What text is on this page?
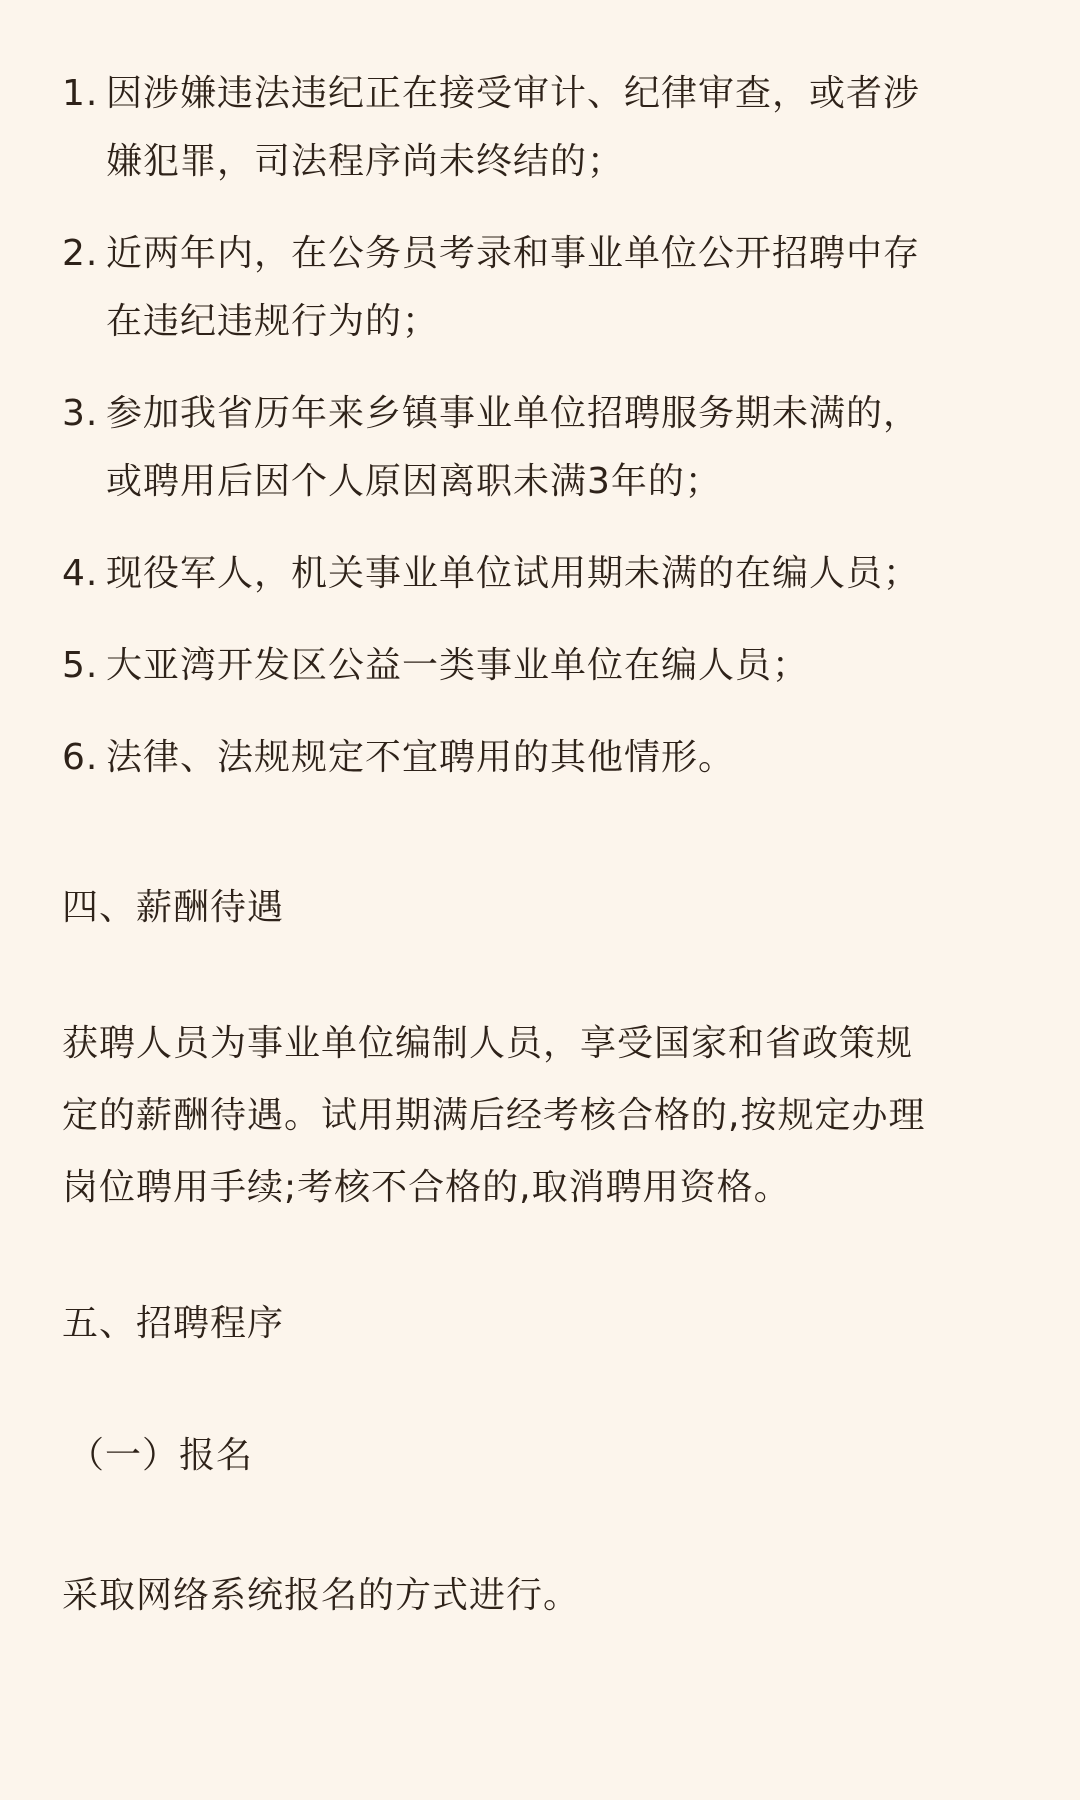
1. 因涉嫌违法违纪正在接受审计、纪律审查，或者涉
嫌犯罪，司法程序尚未终结的；
2. 近两年内，在公务员考录和事业单位公开招聘中存
在违纪违规行为的；
3. 参加我省历年来乡镇事业单位招聘服务期未满的，
或聘用后因个人原因离职未满3年的；
4. 现役军人，机关事业单位试用期未满的在编人员；
5. 大亚湾开发区公益一类事业单位在编人员；
6. 法律、法规规定不宜聘用的其他情形。
四、薪酬待遇

获聘人员为事业单位编制人员，享受国家和省政策规
定的薪酬待遇。试用期满后经考核合格的,按规定办理
岗位聘用手续;考核不合格的,取消聘用资格。

五、招聘程序
（一）报名

采取网络系统报名的方式进行。
